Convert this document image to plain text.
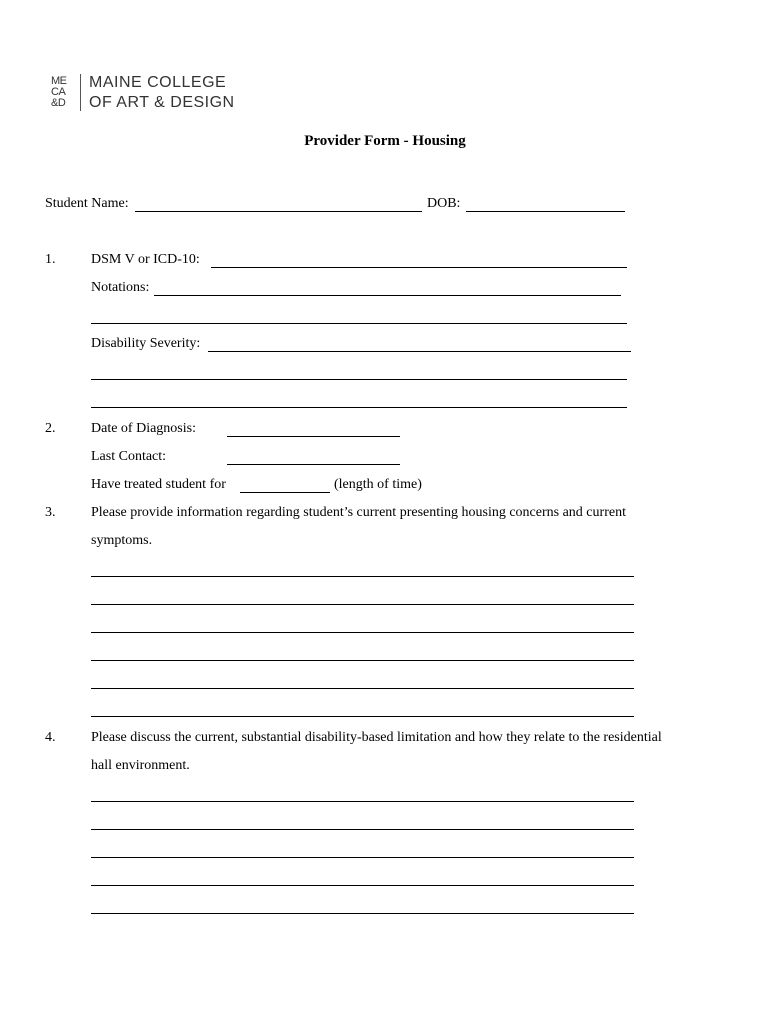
ME
CA
&D
MAINE COLLEGE
OF ART & DESIGN
Provider Form - Housing
Student Name:	DOB:
1.	DSM V or ICD-10:
Notations:
Disability Severity:
2.	Date of Diagnosis:
Last Contact:
Have treated student for	(length of time)
3.	Please provide information regarding student’s current presenting housing concerns and current
symptoms.
4.	Please discuss the current, substantial disability-based limitation and how they relate to the residential
hall environment.
